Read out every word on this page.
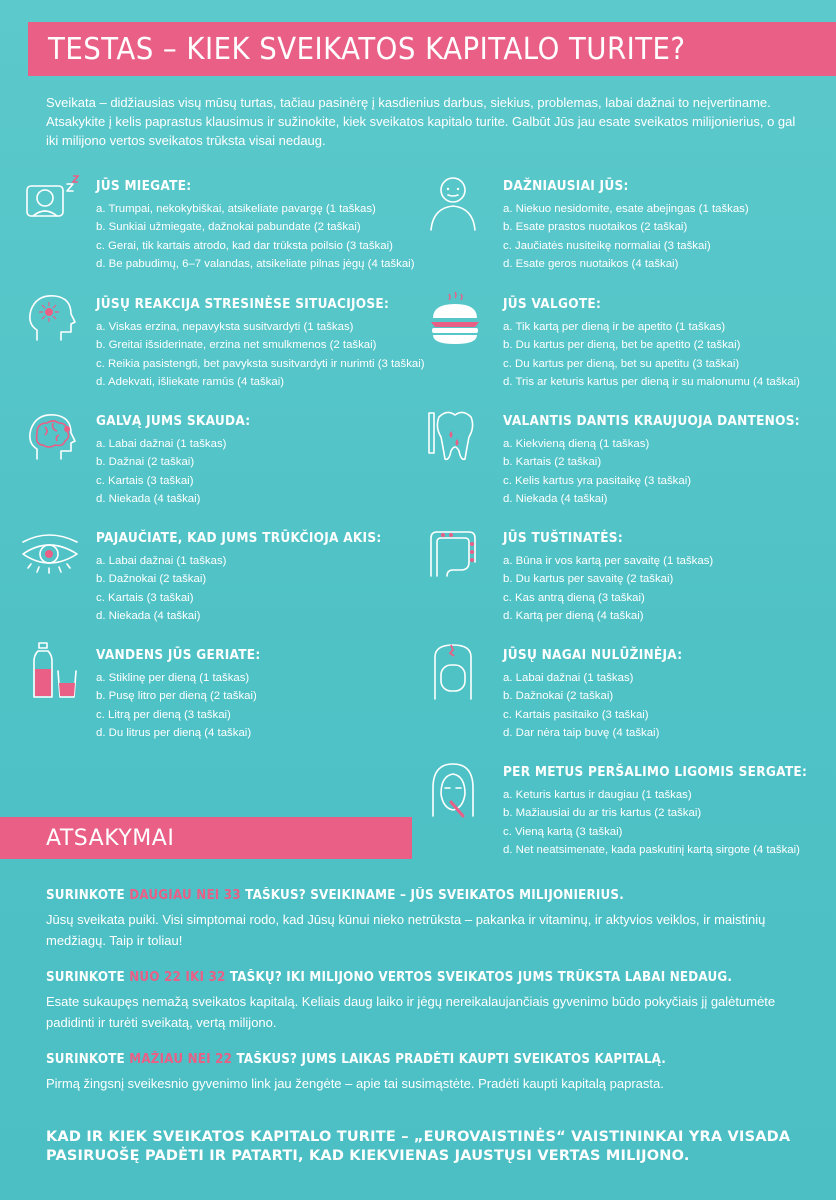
TESTAS – KIEK SVEIKATOS KAPITALO TURITE?
Sveikata – didžiausias visų mūsų turtas, tačiau pasinėrę į kasdienius darbus, siekius, problemas, labai dažnai to neįvertiname. Atsakykite į kelis paprastus klausimus ir sužinokite, kiek sveikatos kapitalo turite. Galbūt Jūs jau esate sveikatos milijonierius, o gal iki milijono vertos sveikatos trūksta visai nedaug.
JŪS MIEGATE:
a. Trumpai, nekokybiškai, atsikeliate pavargę (1 taškas)
b. Sunkiai užmiegate, dažnokai pabundate (2 taškai)
c. Gerai, tik kartais atrodo, kad dar trūksta poilsio (3 taškai)
d. Be pabudimų, 6–7 valandas, atsikeliate pilnas jėgų (4 taškai)
DAŽNIAUSIAI JŪS:
a. Niekuo nesidomite, esate abejingas (1 taškas)
b. Esate prastos nuotaikos (2 taškai)
c. Jaučiatės nusiteikę normaliai (3 taškai)
d. Esate geros nuotaikos (4 taškai)
JŪSŲ REAKCIJA STRESINĖSE SITUACIJOSE:
a. Viskas erzina, nepavyksta susitvardyti (1 taškas)
b. Greitai išsiderinate, erzina net smulkmenos (2 taškai)
c. Reikia pasistengti, bet pavyksta susitvardyti ir nurimti (3 taškai)
d. Adekvati, išliekate ramūs (4 taškai)
JŪS VALGOTE:
a. Tik kartą per dieną ir be apetito (1 taškas)
b. Du kartus per dieną, bet be apetito (2 taškai)
c. Du kartus per dieną, bet su apetitu (3 taškai)
d. Tris ar keturis kartus per dieną ir su malonumu (4 taškai)
GALVĄ JUMS SKAUDA:
a. Labai dažnai (1 taškas)
b. Dažnai (2 taškai)
c. Kartais (3 taškai)
d. Niekada (4 taškai)
VALANTIS DANTIS KRAUJUOJA DANTENOS:
a. Kiekvieną dieną (1 taškas)
b. Kartais (2 taškai)
c. Kelis kartus yra pasitaikę (3 taškai)
d. Niekada (4 taškai)
PAJAUČIATE, KAD JUMS TRŪKČIOJA AKIS:
a. Labai dažnai (1 taškas)
b. Dažnokai (2 taškai)
c. Kartais (3 taškai)
d. Niekada (4 taškai)
JŪS TUŠTINATĖS:
a. Būna ir vos kartą per savaitę (1 taškas)
b. Du kartus per savaitę (2 taškai)
c. Kas antrą dieną (3 taškai)
d. Kartą per dieną (4 taškai)
VANDENS JŪS GERIATE:
a. Stiklinę per dieną (1 taškas)
b. Pusę litro per dieną (2 taškai)
c. Litrą per dieną (3 taškai)
d. Du litrus per dieną (4 taškai)
JŪSŲ NAGAI NULŪŽINĖJA:
a. Labai dažnai (1 taškas)
b. Dažnokai (2 taškai)
c. Kartais pasitaiko (3 taškai)
d. Dar nėra taip buvę (4 taškai)
PER METUS PERŠALIMO LIGOMIS SERGATE:
a. Keturis kartus ir daugiau (1 taškas)
b. Mažiausiai du ar tris kartus (2 taškai)
c. Vieną kartą (3 taškai)
d. Net neatsimenate, kada paskutinį kartą sirgote (4 taškai)
ATSAKYMAI
SURINKOTE DAUGIAU NEI 33 TAŠKUS? SVEIKINAME – JŪS SVEIKATOS MILIJONIERIUS.
Jūsų sveikata puiki. Visi simptomai rodo, kad Jūsų kūnui nieko netrūksta – pakanka ir vitaminų, ir aktyvios veiklos, ir maistinių medžiagų. Taip ir toliau!
SURINKOTE NUO 22 IKI 32 TAŠKŲ? IKI MILIJONO VERTOS SVEIKATOS JUMS TRŪKSTA LABAI NEDAUG.
Esate sukaupęs nemažą sveikatos kapitalą. Keliais daug laiko ir jėgų nereikalaujančiais gyvenimo būdo pokyčiais jį galėtumėte padidinti ir turėti sveikatą, vertą milijono.
SURINKOTE MAŽIAU NEI 22 TAŠKUS? JUMS LAIKAS PRADĖTI KAUPTI SVEIKATOS KAPITALĄ.
Pirmą žingsnį sveikesnio gyvenimo link jau žengėte – apie tai susimąstėte. Pradėti kaupti kapitalą paprasta.
KAD IR KIEK SVEIKATOS KAPITALO TURITE – „EUROVAISTINĖS“ VAISTININKAI YRA VISADA PASIRUOŠĘ PADĖTI IR PATARTI, KAD KIEKVIENAS JAUSTŲSI VERTAS MILIJONO.
